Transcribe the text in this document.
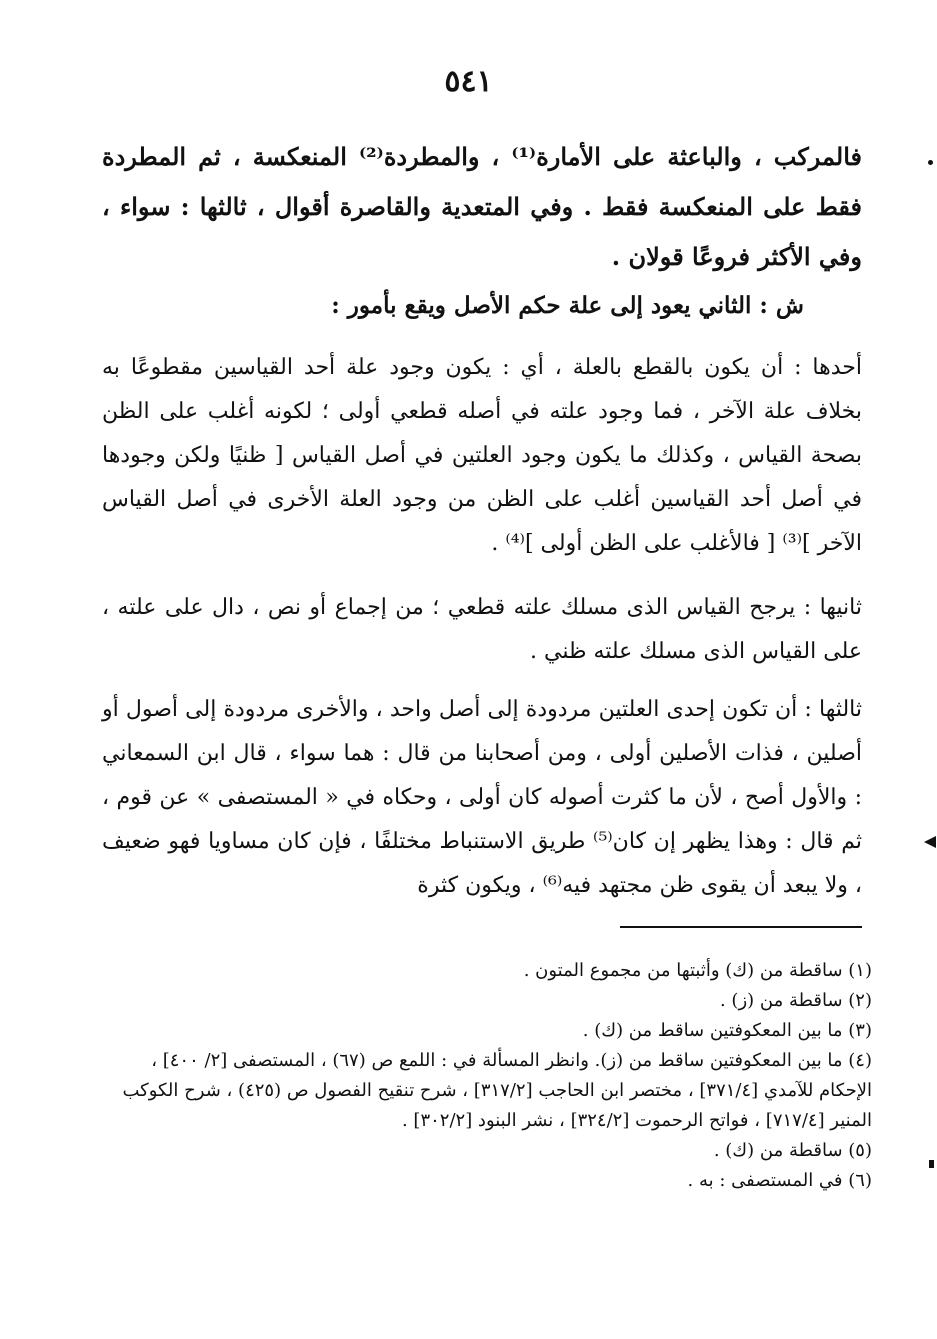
٥٤١
فالمركب ، والباعثة على الأمارة⁽¹⁾ ، والمطردة⁽²⁾ المنعكسة ، ثم المطردة فقط على المنعكسة فقط . وفي المتعدية والقاصرة أقوال ، ثالثها : سواء ، وفي الأكثر فروعًا قولان .
ش : الثاني يعود إلى علة حكم الأصل ويقع بأمور :
أحدها : أن يكون بالقطع بالعلة ، أي : يكون وجود علة أحد القياسين مقطوعًا به بخلاف علة الآخر ، فما وجود علته في أصله قطعي أولى ؛ لكونه أغلب على الظن بصحة القياس ، وكذلك ما يكون وجود العلتين في أصل القياس [ ظنيًا ولكن وجودها في أصل أحد القياسين أغلب على الظن من وجود العلة الأخرى في أصل القياس الآخر ]⁽³⁾ [ فالأغلب على الظن أولى ]⁽⁴⁾ .
ثانيها : يرجح القياس الذى مسلك علته قطعي ؛ من إجماع أو نص ، دال على علته ، على القياس الذى مسلك علته ظني .
ثالثها : أن تكون إحدى العلتين مردودة إلى أصل واحد ، والأخرى مردودة إلى أصول أو أصلين ، فذات الأصلين أولى ، ومن أصحابنا من قال : هما سواء ، قال ابن السمعاني : والأول أصح ، لأن ما كثرت أصوله كان أولى ، وحكاه في « المستصفى » عن قوم ، ثم قال : وهذا يظهر إن كان⁽⁵⁾ طريق الاستنباط مختلفًا ، فإن كان مساويا فهو ضعيف ، ولا يبعد أن يقوى ظن مجتهد فيه⁽⁶⁾ ، ويكون كثرة
(١) ساقطة من (ك) وأثبتها من مجموع المتون .
(٢) ساقطة من (ز) .
(٣) ما بين المعكوفتين ساقط من (ك) .
(٤) ما بين المعكوفتين ساقط من (ز). وانظر المسألة في : اللمع ص (٦٧) ، المستصفى [٢/ ٤٠٠] ، الإحكام للآمدي [٣٧١/٤] ، مختصر ابن الحاجب [٣١٧/٢] ، شرح تنقيح الفصول ص (٤٢٥) ، شرح الكوكب المنير [٧١٧/٤] ، فواتح الرحموت [٣٢٤/٢] ، نشر البنود [٣٠٢/٢] .
(٥) ساقطة من (ك) .
(٦) في المستصفى : به .
